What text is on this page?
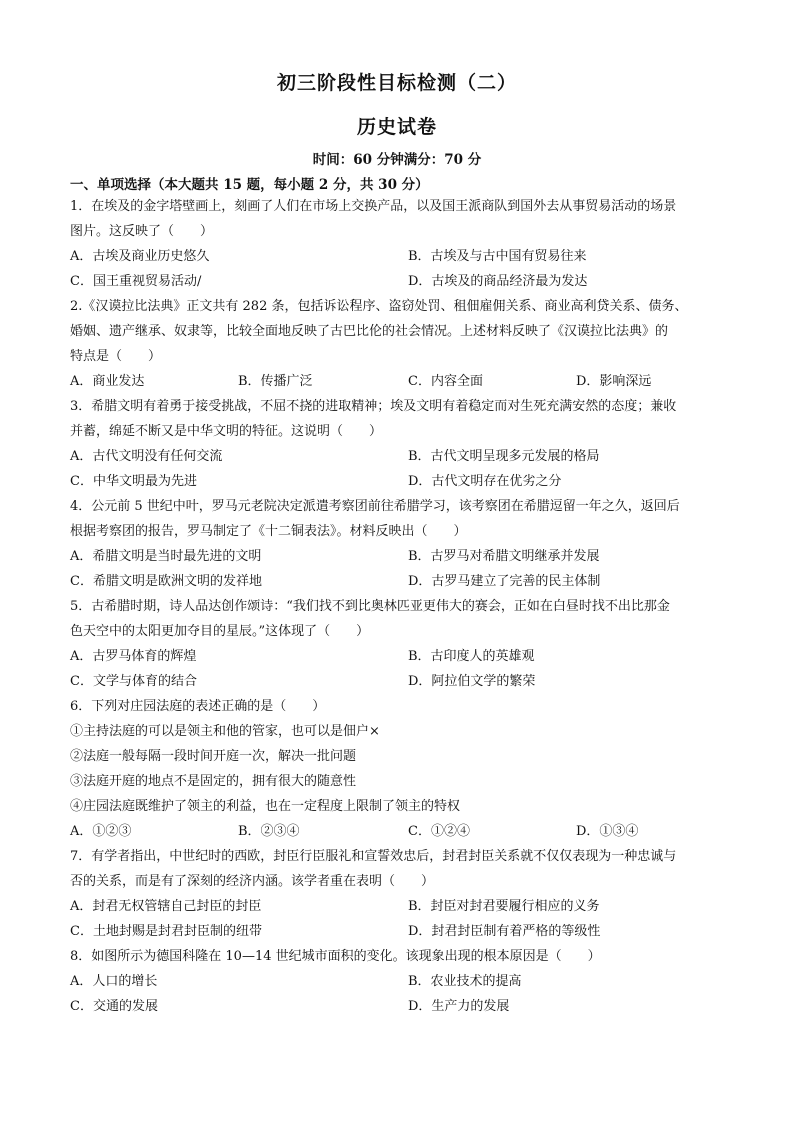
初三阶段性目标检测（二）
历史试卷
时间：60 分钟满分：70 分
一、单项选择（本大题共 15 题，每小题 2 分，共 30 分）
1．在埃及的金字塔壁画上，刻画了人们在市场上交换产品，以及国王派商队到国外去从事贸易活动的场景
图片。这反映了（　　）
A．古埃及商业历史悠久	B．古埃及与古中国有贸易往来
C．国王重视贸易活动/	D．古埃及的商品经济最为发达
2.《汉谟拉比法典》正文共有 282 条，包括诉讼程序、盗窃处罚、租佃雇佣关系、商业高利贷关系、债务、
婚姻、遗产继承、奴隶等，比较全面地反映了古巴比伦的社会情况。上述材料反映了《汉谟拉比法典》的
特点是（　　）
A．商业发达	B．传播广泛	C．内容全面	D．影响深远
3．希腊文明有着勇于接受挑战，不屈不挠的进取精神；埃及文明有着稳定而对生死充满安然的态度；兼收
并蓄，绵延不断又是中华文明的特征。这说明（　　）
A．古代文明没有任何交流	B．古代文明呈现多元发展的格局
C．中华文明最为先进	D．古代文明存在优劣之分
4．公元前 5 世纪中叶，罗马元老院决定派遣考察团前往希腊学习，该考察团在希腊逗留一年之久，返回后
根据考察团的报告，罗马制定了《十二铜表法》。材料反映出（　　）
A．希腊文明是当时最先进的文明	B．古罗马对希腊文明继承并发展
C．希腊文明是欧洲文明的发祥地	D．古罗马建立了完善的民主体制
5．古希腊时期，诗人品达创作颂诗：“我们找不到比奥林匹亚更伟大的赛会，正如在白昼时找不出比那金
色天空中的太阳更加夺目的星辰。”这体现了（　　）
A．古罗马体育的辉煌	B．古印度人的英雄观
C．文学与体育的结合	D．阿拉伯文学的繁荣
6．下列对庄园法庭的表述正确的是（　　）
①主持法庭的可以是领主和他的管家，也可以是佃户×
②法庭一般每隔一段时间开庭一次，解决一批问题
③法庭开庭的地点不是固定的，拥有很大的随意性
④庄园法庭既维护了领主的利益，也在一定程度上限制了领主的特权
A．①②③	B．②③④	C．①②④	D．①③④
7．有学者指出，中世纪时的西欧，封臣行臣服礼和宣誓效忠后，封君封臣关系就不仅仅表现为一种忠诚与
否的关系，而是有了深刻的经济内涵。该学者重在表明（　　）
A．封君无权管辖自己封臣的封臣	B．封臣对封君要履行相应的义务
C．土地封赐是封君封臣制的纽带	D．封君封臣制有着严格的等级性
8．如图所示为德国科隆在 10—14 世纪城市面积的变化。该现象出现的根本原因是（　　）
A．人口的增长	B．农业技术的提高
C．交通的发展	D．生产力的发展
